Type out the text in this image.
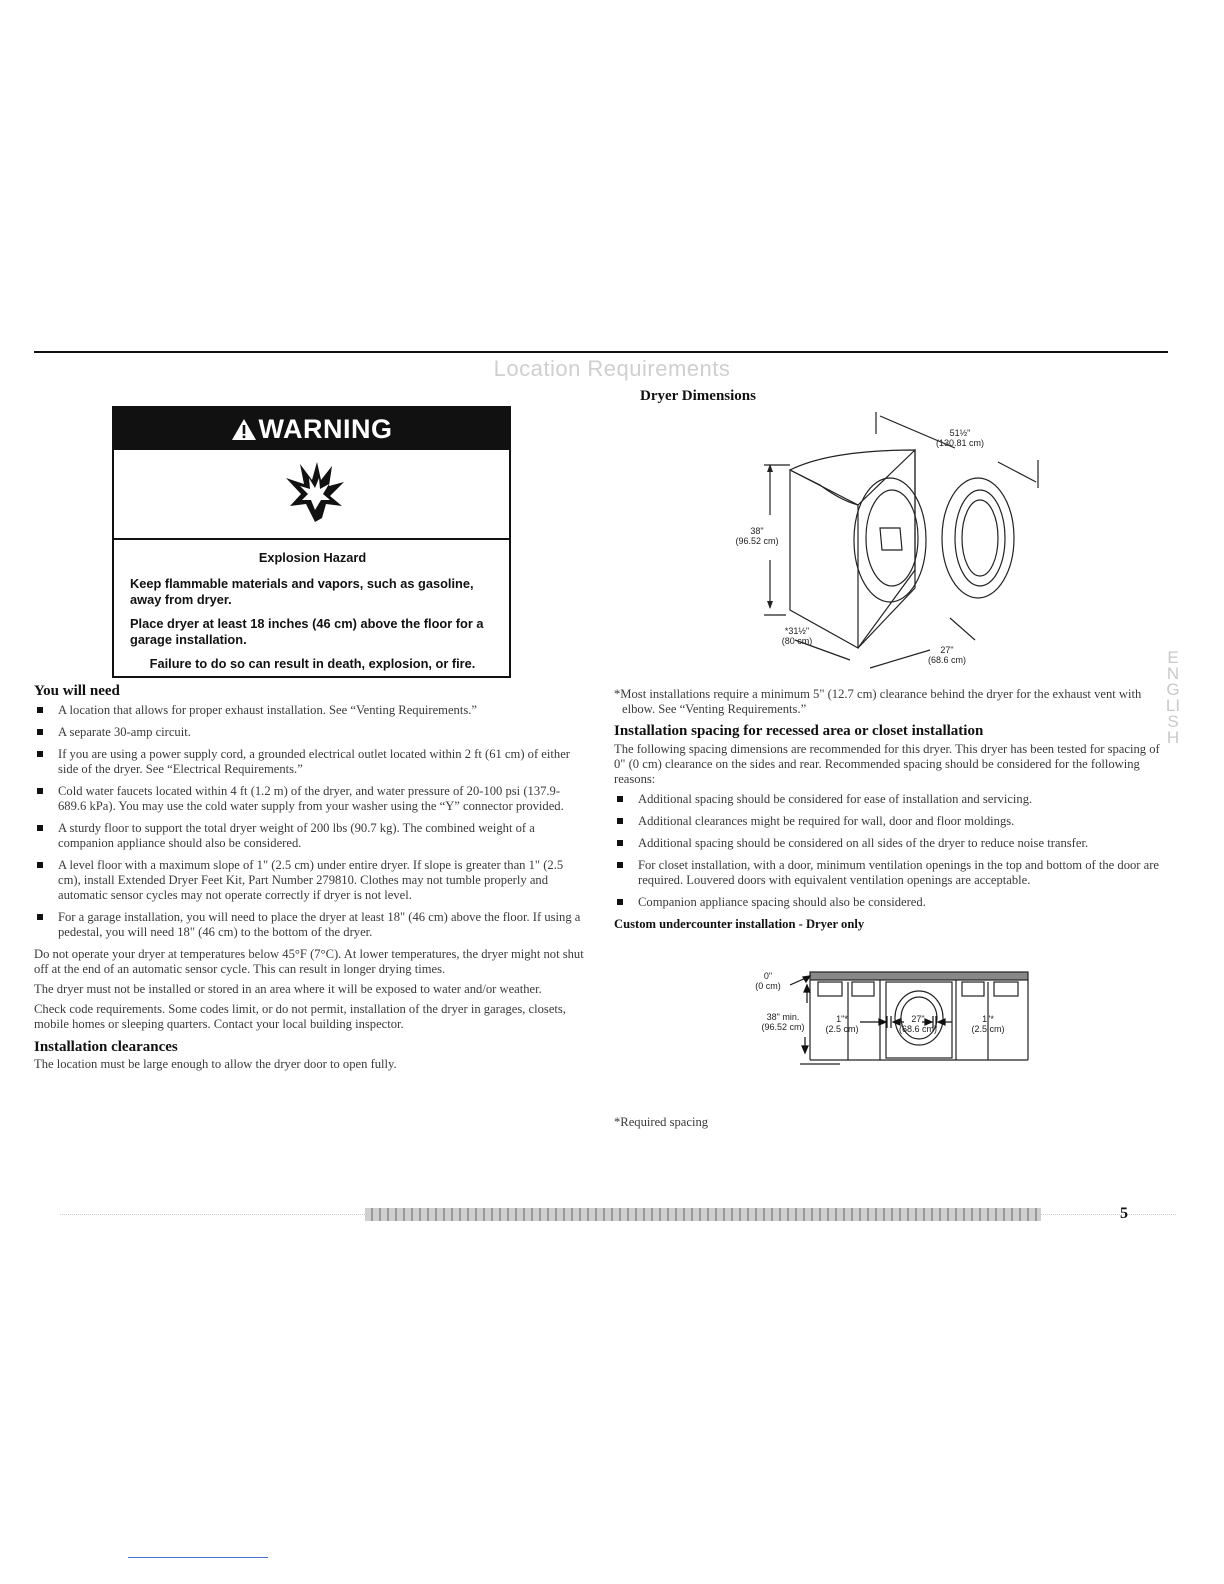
Location Requirements
WARNING

Explosion Hazard

Keep flammable materials and vapors, such as gasoline, away from dryer.

Place dryer at least 18 inches (46 cm) above the floor for a garage installation.

Failure to do so can result in death, explosion, or fire.

You will need
A location that allows for proper exhaust installation. See “Venting Requirements.”
A separate 30-amp circuit.
If you are using a power supply cord, a grounded electrical outlet located within 2 ft (61 cm) of either side of the dryer. See “Electrical Requirements.”
Cold water faucets located within 4 ft (1.2 m) of the dryer, and water pressure of 20-100 psi (137.9-689.6 kPa). You may use the cold water supply from your washer using the “Y” connector provided.
A sturdy floor to support the total dryer weight of 200 lbs (90.7 kg). The combined weight of a companion appliance should also be considered.
A level floor with a maximum slope of 1" (2.5 cm) under entire dryer. If slope is greater than 1" (2.5 cm), install Extended Dryer Feet Kit, Part Number 279810. Clothes may not tumble properly and automatic sensor cycles may not operate correctly if dryer is not level.
For a garage installation, you will need to place the dryer at least 18" (46 cm) above the floor. If using a pedestal, you will need 18" (46 cm) to the bottom of the dryer.

Do not operate your dryer at temperatures below 45°F (7°C). At lower temperatures, the dryer might not shut off at the end of an automatic sensor cycle. This can result in longer drying times.

The dryer must not be installed or stored in an area where it will be exposed to water and/or weather.

Check code requirements. Some codes limit, or do not permit, installation of the dryer in garages, closets, mobile homes or sleeping quarters. Contact your local building inspector.

Installation clearances

The location must be large enough to allow the dryer door to open fully.

Dryer Dimensions
51½"
(130.81 cm)
38"
(96.52 cm)
*31½"
(80 cm)
27"
(68.6 cm)

*Most installations require a minimum 5" (12.7 cm) clearance behind the dryer for the exhaust vent with elbow. See “Venting Requirements.”

Installation spacing for recessed area or closet installation

The following spacing dimensions are recommended for this dryer. This dryer has been tested for spacing of 0" (0 cm) clearance on the sides and rear. Recommended spacing should be considered for the following reasons:

Additional spacing should be considered for ease of installation and servicing.
Additional clearances might be required for wall, door and floor moldings.
Additional spacing should be considered on all sides of the dryer to reduce noise transfer.
For closet installation, with a door, minimum ventilation openings in the top and bottom of the door are required. Louvered doors with equivalent ventilation openings are acceptable.
Companion appliance spacing should also be considered.
Custom undercounter installation - Dryer only
0"
(0 cm)
38" min.
(96.52 cm)
1"*
(2.5 cm)
27"
(68.6 cm)
1"*
(2.5 cm)
*Required spacing
ENGLISH
5
